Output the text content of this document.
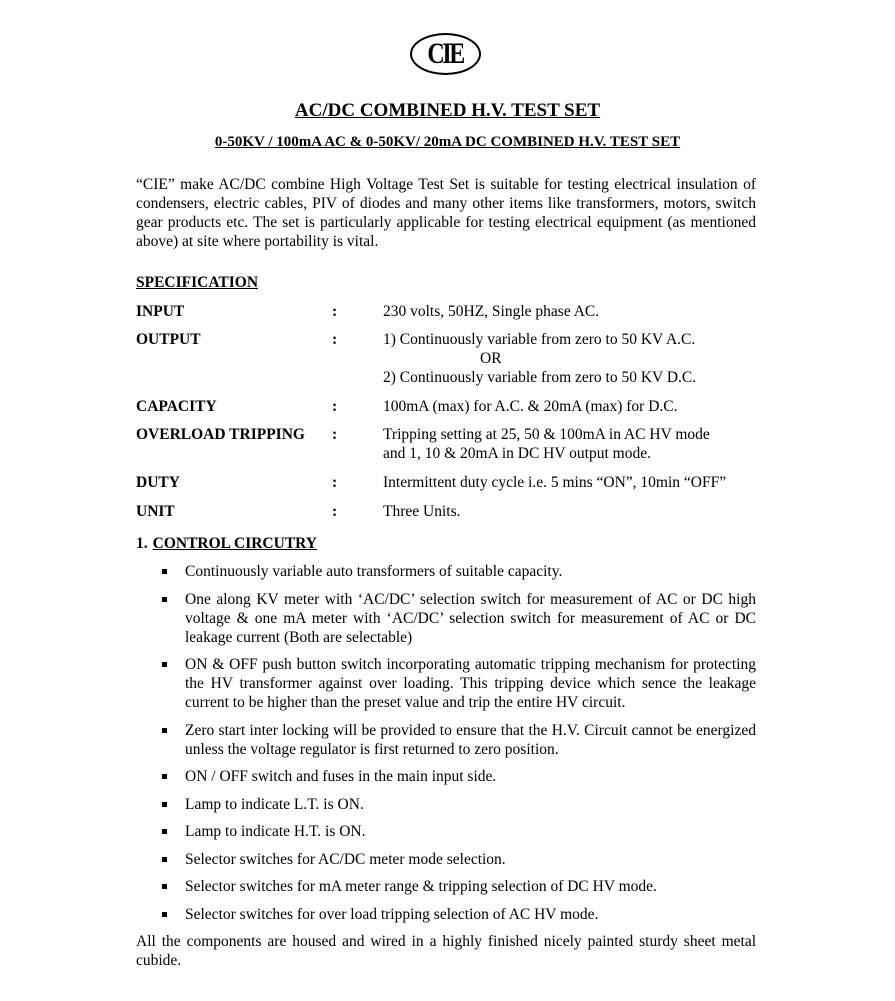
CIE
AC/DC COMBINED H.V. TEST SET
0-50KV / 100mA AC & 0-50KV/ 20mA DC COMBINED H.V. TEST SET

“CIE” make AC/DC combine High Voltage Test Set is suitable for testing electrical insulation of condensers, electric cables, PIV of diodes and many other items like transformers, motors, switch gear products etc. The set is particularly applicable for testing electrical equipment (as mentioned above) at site where portability is vital.

SPECIFICATION
INPUT	:	230 volts, 50HZ, Single phase AC.
OUTPUT	:	1) Continuously variable from zero to 50 KV A.C.
OR
2) Continuously variable from zero to 50 KV D.C.
CAPACITY	:	100mA (max) for A.C. & 20mA (max) for D.C.
OVERLOAD TRIPPING :	Tripping setting at 25, 50 & 100mA in AC HV mode
and 1, 10 & 20mA in DC HV output mode.
DUTY	:	Intermittent duty cycle i.e. 5 mins “ON”, 10min “OFF”
UNIT	:	Three Units.
1. CONTROL CIRCUTRY
Continuously variable auto transformers of suitable capacity.
One along KV meter with ‘AC/DC’ selection switch for measurement of AC or DC high voltage & one mA meter with ‘AC/DC’ selection switch for measurement of AC or DC leakage current (Both are selectable)
ON & OFF push button switch incorporating automatic tripping mechanism for protecting the HV transformer against over loading. This tripping device which sence the leakage current to be higher than the preset value and trip the entire HV circuit.
Zero start inter locking will be provided to ensure that the H.V. Circuit cannot be energized unless the voltage regulator is first returned to zero position.
ON / OFF switch and fuses in the main input side.
Lamp to indicate L.T. is ON.
Lamp to indicate H.T. is ON.
Selector switches for AC/DC meter mode selection.
Selector switches for mA meter range & tripping selection of DC HV mode.
Selector switches for over load tripping selection of AC HV mode.

All the components are housed and wired in a highly finished nicely painted sturdy sheet metal cubide.
